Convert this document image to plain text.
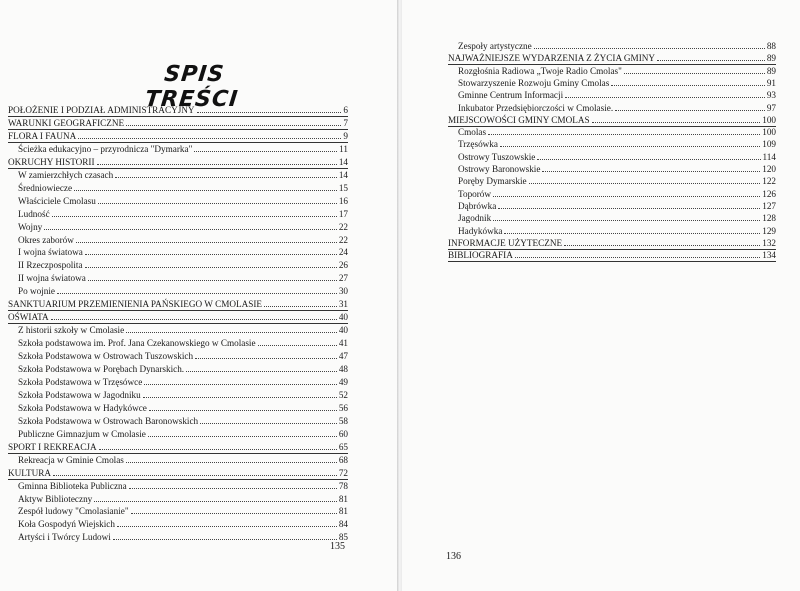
SPIS TREŚCI
POŁOŻENIE I PODZIAŁ ADMINISTRACYJNY	6
WARUNKI GEOGRAFICZNE	7
FLORA I FAUNA	9
Ścieżka edukacyjno – przyrodnicza "Dymarka"	11
OKRUCHY HISTORII	14
W zamierzchłych czasach	14
Średniowiecze	15
Właściciele Cmolasu	16
Ludność	17
Wojny	22
Okres zaborów	22
I wojna światowa	24
II Rzeczpospolita	26
II wojna światowa	27
Po wojnie	30
SANKTUARIUM PRZEMIENIENIA PAŃSKIEGO W CMOLASIE	31
OŚWIATA	40
Z historii szkoły w Cmolasie	40
Szkoła podstawowa im. Prof. Jana Czekanowskiego w Cmolasie	41
Szkoła Podstawowa w Ostrowach Tuszowskich	47
Szkoła Podstawowa w Porębach Dynarskich.	48
Szkoła Podstawowa w Trzęsówce	49
Szkoła Podstawowa w Jagodniku	52
Szkoła Podstawowa w Hadykówce	56
Szkoła Podstawowa w Ostrowach Baronowskich	58
Publiczne Gimnazjum w Cmolasie	60
SPORT I REKREACJA	65
Rekreacja w Gminie Cmolas	68
KULTURA	72
Gminna Biblioteka Publiczna	78
Aktyw Biblioteczny	81
Zespół ludowy "Cmolasianie"	81
Koła Gospodyń Wiejskich	84
Artyści i Twórcy Ludowi	85
135
Zespoły artystyczne	88
NAJWAŻNIEJSZE WYDARZENIA Z ŻYCIA GMINY	89
Rozgłośnia Radiowa „Twoje Radio Cmolas"	89
Stowarzyszenie Rozwoju Gminy Cmolas	91
Gminne Centrum Informacji	93
Inkubator Przedsiębiorczości w Cmolasie.	97
MIEJSCOWOŚCI GMINY CMOLAS	100
Cmolas	100
Trzęsówka	109
Ostrowy Tuszowskie	114
Ostrowy Baronowskie	120
Poręby Dymarskie	122
Toporów	126
Dąbrówka	127
Jagodnik	128
Hadykówka	129
INFORMACJE UŻYTECZNE	132
BIBLIOGRAFIA	134
136
